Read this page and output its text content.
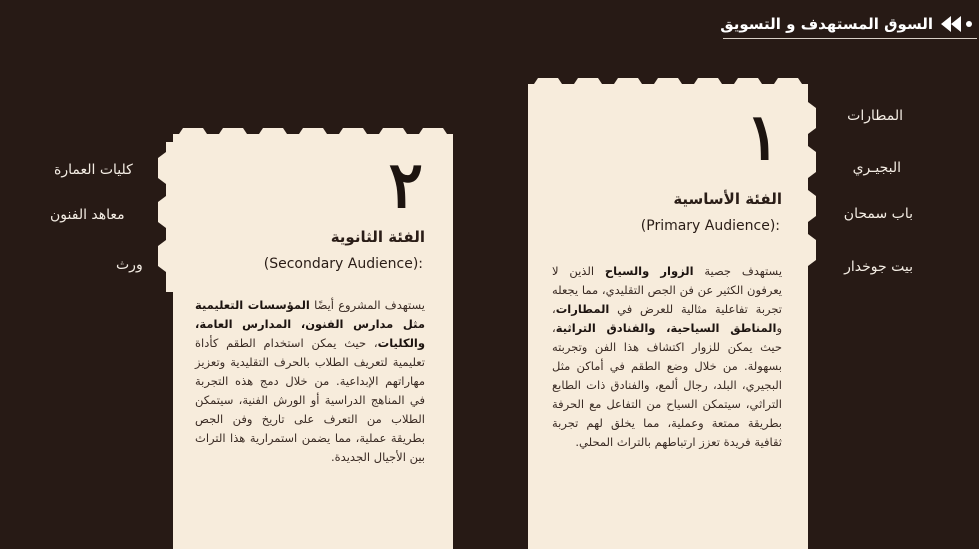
السوق المستهدف و التسويق
١
الفئة الأساسية
(Primary Audience):
يستهدف جصية الزوار والسياح الذين لا يعرفون الكثير عن فن الجص التقليدي، مما يجعله تجربة تفاعلية مثالية للعرض في المطارات، والمناطق السياحية، والفنادق التراثية، حيث يمكن للزوار اكتشاف هذا الفن وتجربته بسهولة. من خلال وضع الطقم في أماكن مثل البجيري، البلد، رجال ألمع، والفنادق ذات الطابع التراثي، سيتمكن السياح من التفاعل مع الحرفة بطريقة ممتعة وعملية، مما يخلق لهم تجربة ثقافية فريدة تعزز ارتباطهم بالتراث المحلي.
٢
الفئة الثانوية
(Secondary Audience):
يستهدف المشروع أيضًا المؤسسات التعليمية مثل مدارس الفنون، المدارس العامة، والكليات، حيث يمكن استخدام الطقم كأداة تعليمية لتعريف الطلاب بالحرف التقليدية وتعزيز مهاراتهم الإبداعية. من خلال دمج هذه التجربة في المناهج الدراسية أو الورش الفنية، سيتمكن الطلاب من التعرف على تاريخ وفن الجص بطريقة عملية، مما يضمن استمرارية هذا التراث بين الأجيال الجديدة.
المطارات
البجيـري
باب سمحان
بيت جوخدار
كليات العمارة
معاهد الفنون
ورث
